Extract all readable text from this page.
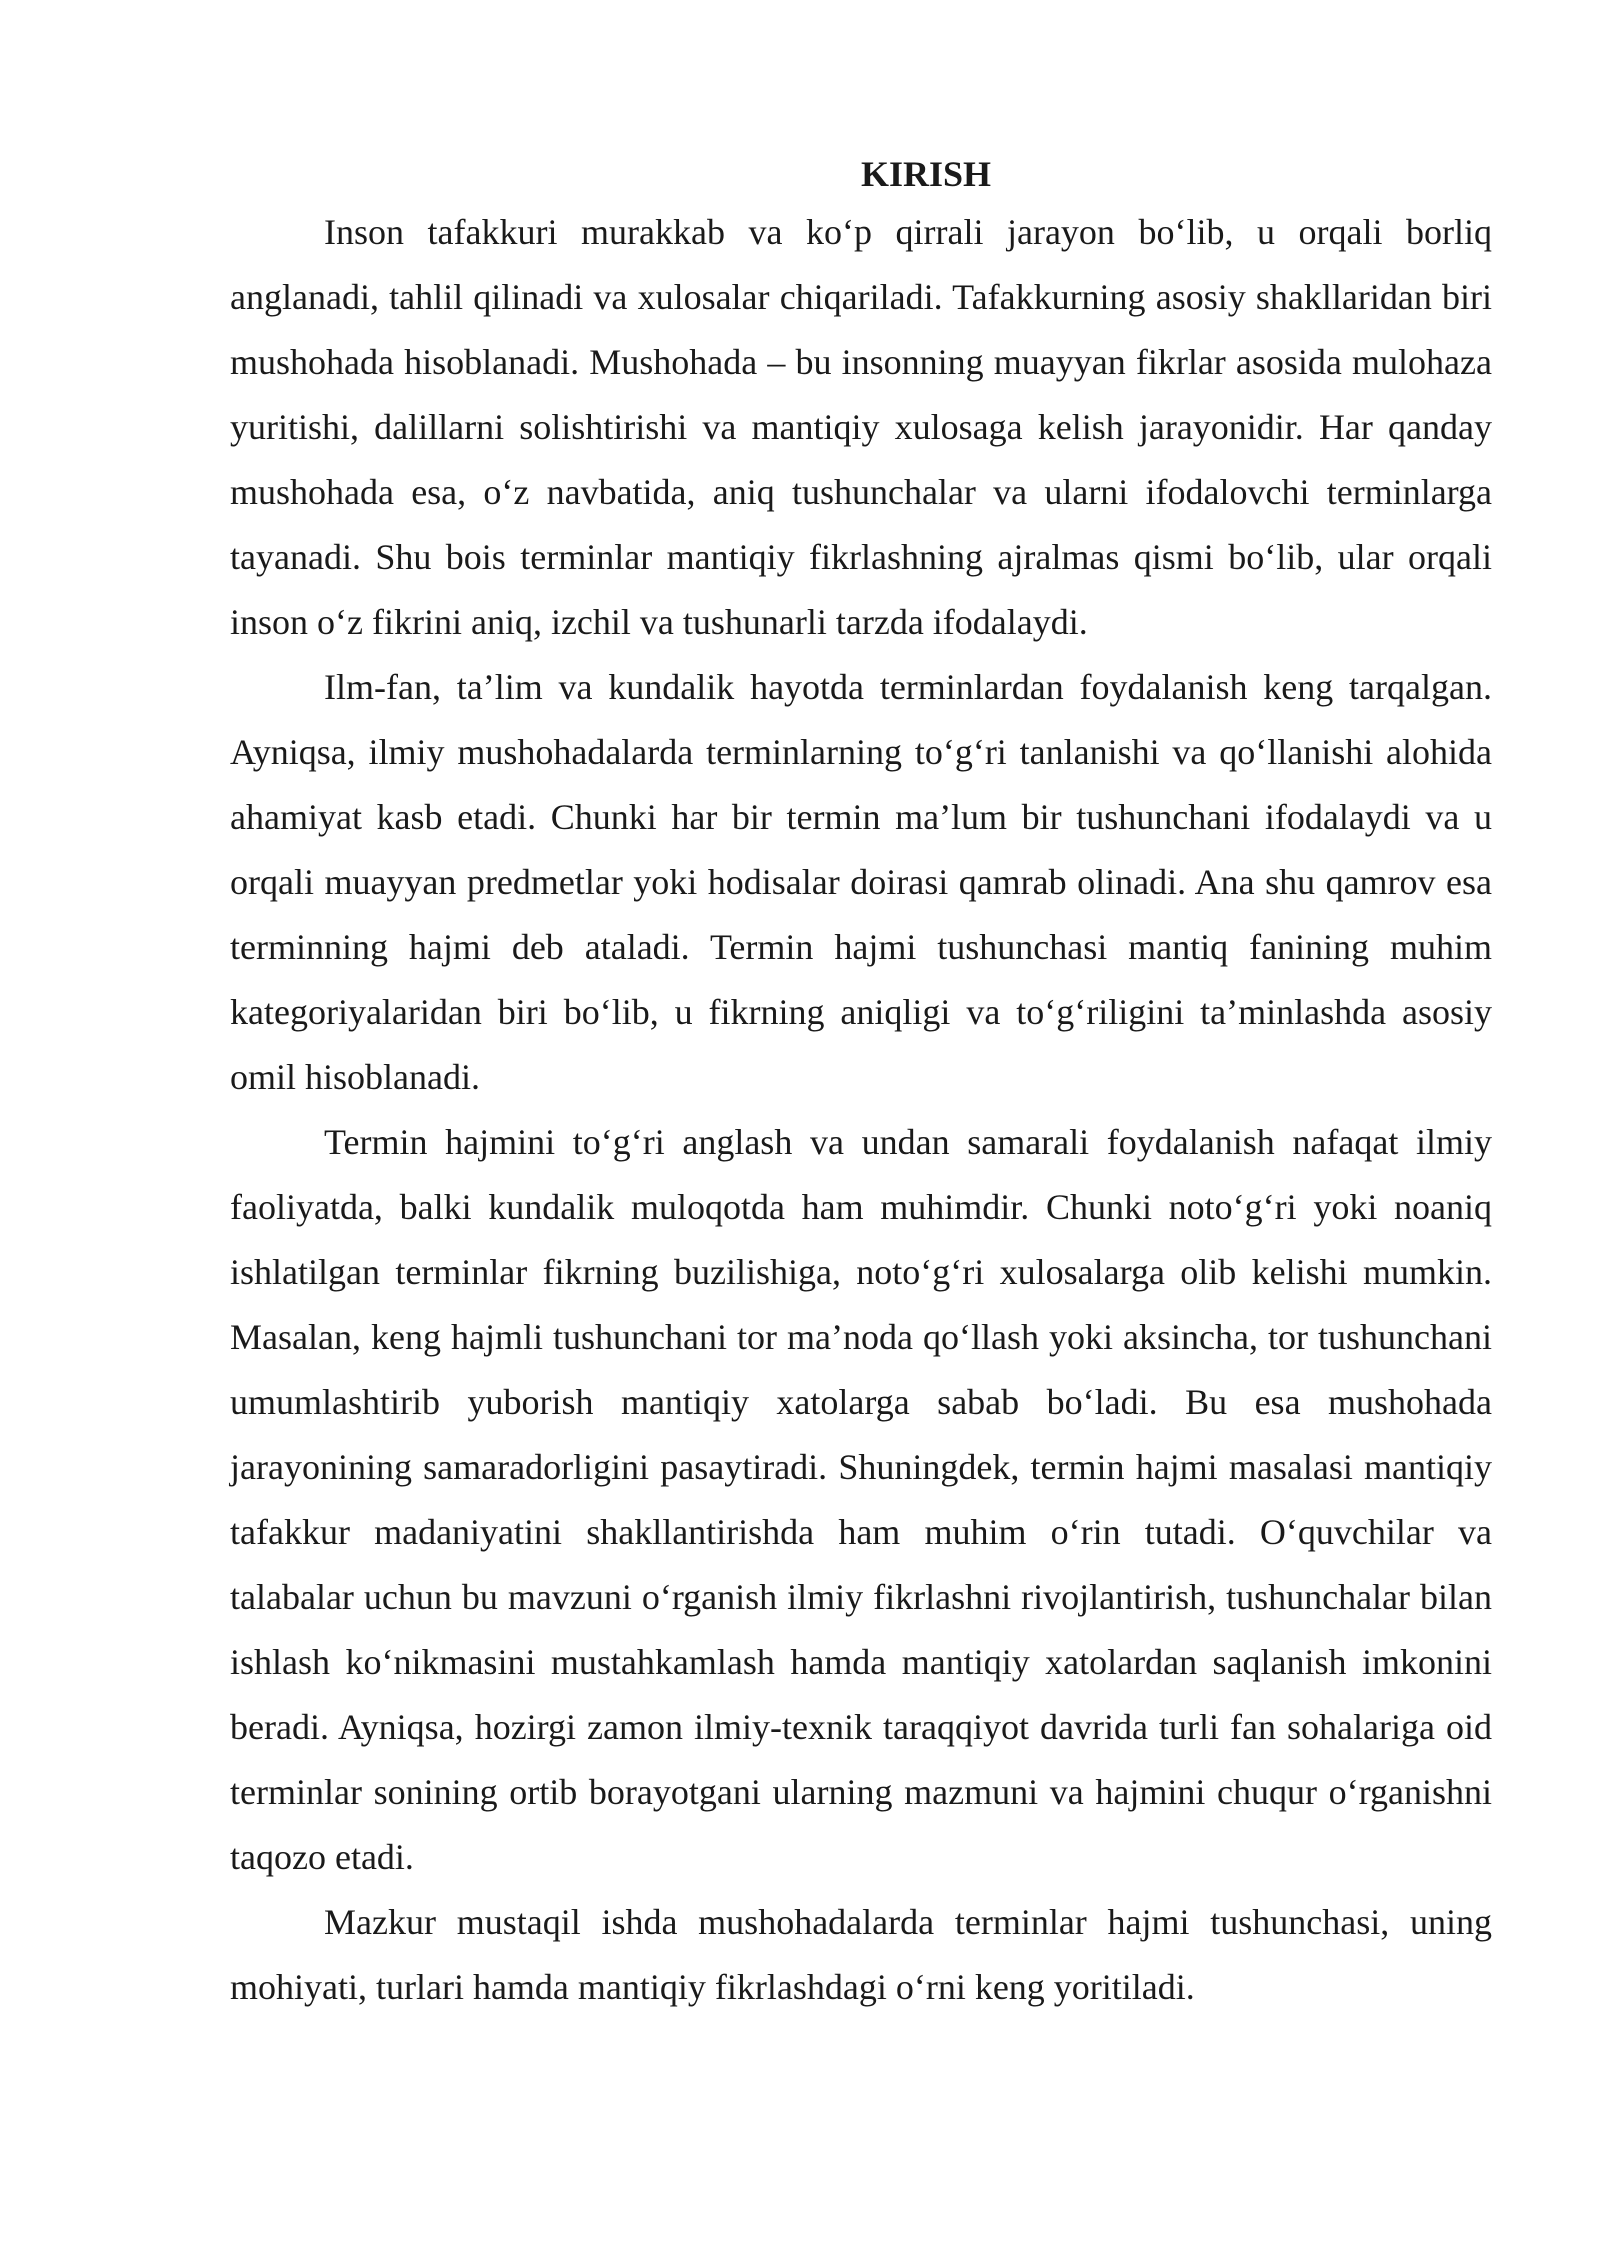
KIRISH

Inson tafakkuri murakkab va ko‘p qirrali jarayon bo‘lib, u orqali borliq anglanadi, tahlil qilinadi va xulosalar chiqariladi. Tafakkurning asosiy shakllaridan biri mushohada hisoblanadi. Mushohada – bu insonning muayyan fikrlar asosida mulohaza yuritishi, dalillarni solishtirishi va mantiqiy xulosaga kelish jarayonidir. Har qanday mushohada esa, o‘z navbatida, aniq tushunchalar va ularni ifodalovchi terminlarga tayanadi. Shu bois terminlar mantiqiy fikrlashning ajralmas qismi bo‘lib, ular orqali inson o‘z fikrini aniq, izchil va tushunarli tarzda ifodalaydi.

Ilm-fan, ta’lim va kundalik hayotda terminlardan foydalanish keng tarqalgan. Ayniqsa, ilmiy mushohadalarda terminlarning to‘g‘ri tanlanishi va qo‘llanishi alohida ahamiyat kasb etadi. Chunki har bir termin ma’lum bir tushunchani ifodalaydi va u orqali muayyan predmetlar yoki hodisalar doirasi qamrab olinadi. Ana shu qamrov esa terminning hajmi deb ataladi. Termin hajmi tushunchasi mantiq fanining muhim kategoriyalaridan biri bo‘lib, u fikrning aniqligi va to‘g‘riligini ta’minlashda asosiy omil hisoblanadi.

Termin hajmini to‘g‘ri anglash va undan samarali foydalanish nafaqat ilmiy faoliyatda, balki kundalik muloqotda ham muhimdir. Chunki noto‘g‘ri yoki noaniq ishlatilgan terminlar fikrning buzilishiga, noto‘g‘ri xulosalarga olib kelishi mumkin. Masalan, keng hajmli tushunchani tor ma’noda qo‘llash yoki aksincha, tor tushunchani umumlashtirib yuborish mantiqiy xatolarga sabab bo‘ladi. Bu esa mushohada jarayonining samaradorligini pasaytiradi. Shuningdek, termin hajmi masalasi mantiqiy tafakkur madaniyatini shakllantirishda ham muhim o‘rin tutadi. O‘quvchilar va talabalar uchun bu mavzuni o‘rganish ilmiy fikrlashni rivojlantirish, tushunchalar bilan ishlash ko‘nikmasini mustahkamlash hamda mantiqiy xatolardan saqlanish imkonini beradi. Ayniqsa, hozirgi zamon ilmiy-texnik taraqqiyot davrida turli fan sohalariga oid terminlar sonining ortib borayotgani ularning mazmuni va hajmini chuqur o‘rganishni taqozo etadi.

Mazkur mustaqil ishda mushohadalarda terminlar hajmi tushunchasi, uning mohiyati, turlari hamda mantiqiy fikrlashdagi o‘rni keng yoritiladi.
